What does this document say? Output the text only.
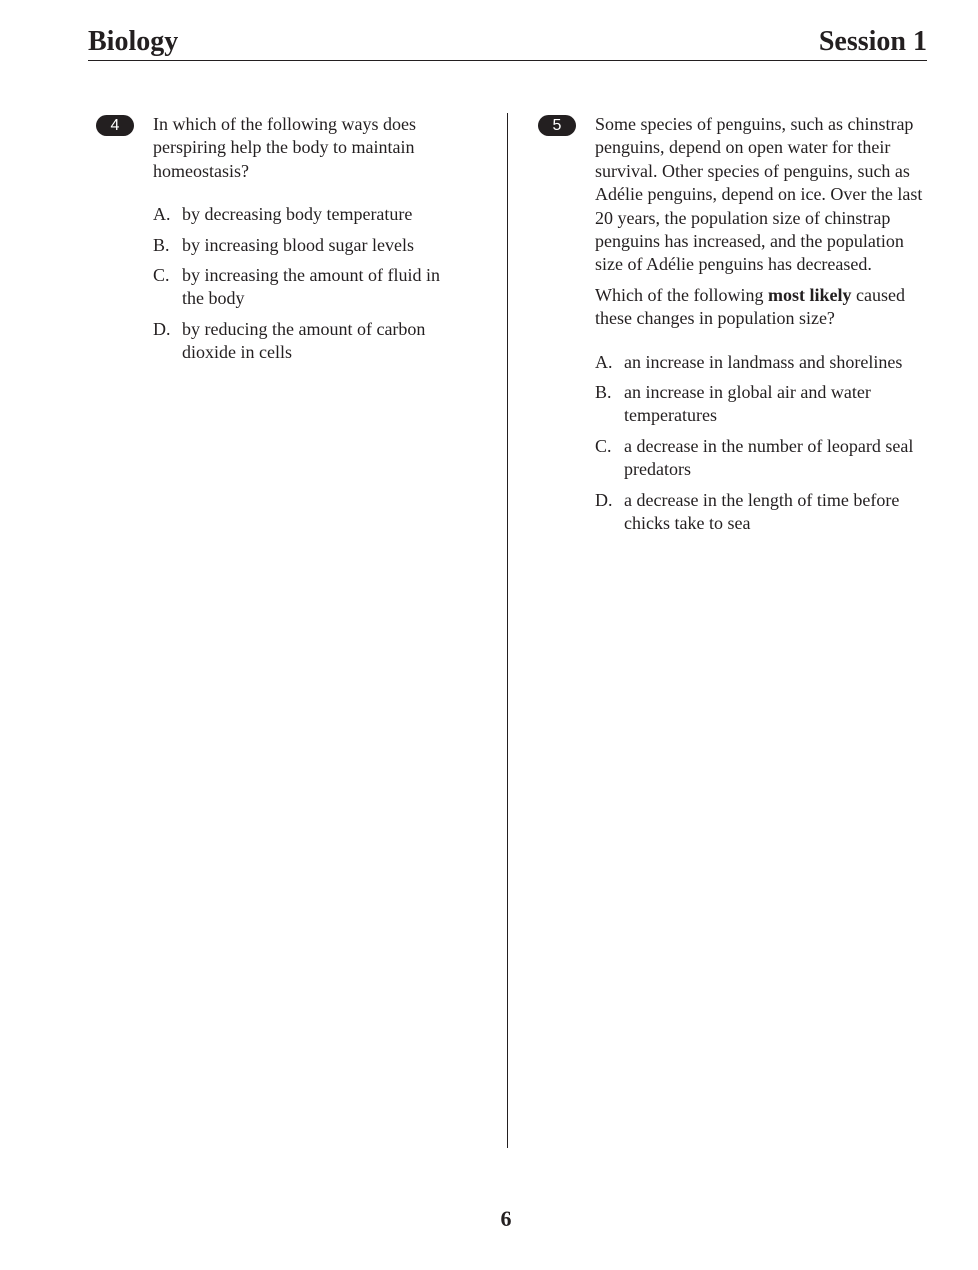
Biology	Session 1
4	In which of the following ways does perspiring help the body to maintain homeostasis?

A. by decreasing body temperature
B. by increasing blood sugar levels
C. by increasing the amount of fluid in the body
D. by reducing the amount of carbon dioxide in cells
5	Some species of penguins, such as chinstrap penguins, depend on open water for their survival. Other species of penguins, such as Adélie penguins, depend on ice. Over the last 20 years, the population size of chinstrap penguins has increased, and the population size of Adélie penguins has decreased.

Which of the following most likely caused these changes in population size?

A. an increase in landmass and shorelines
B. an increase in global air and water temperatures
C. a decrease in the number of leopard seal predators
D. a decrease in the length of time before chicks take to sea
6
